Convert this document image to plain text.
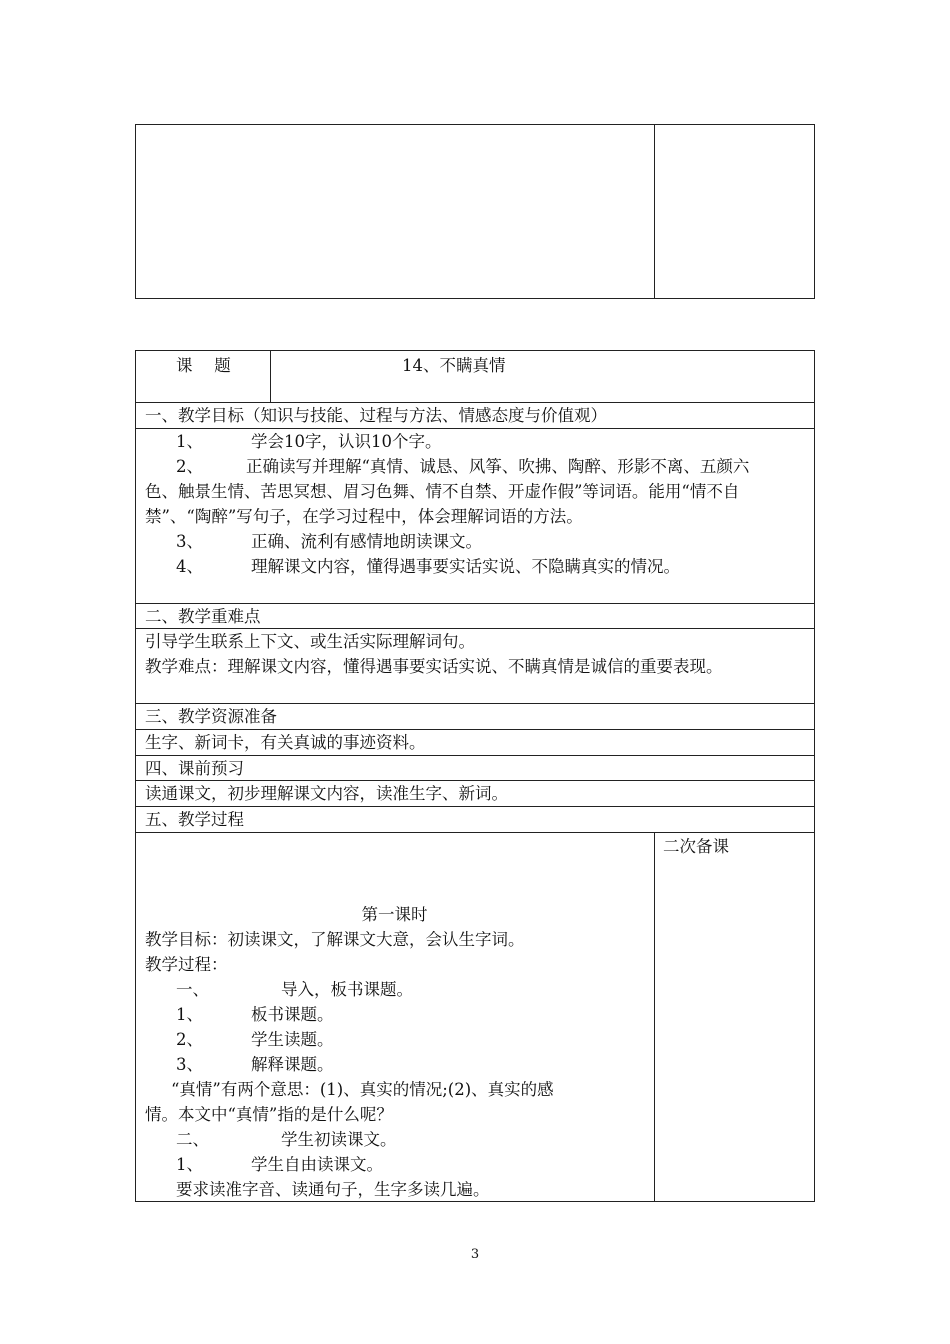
课　 题	14、不瞒真情
一、教学目标（知识与技能、过程与方法、情感态度与价值观）

1、	学会10字，认识10个字。

2、	正确读写并理解“真情、诚恳、风筝、吹拂、陶醉、形影不离、五颜六

色、触景生情、苦思冥想、眉习色舞、情不自禁、开虚作假”等词语。能用“情不自

禁”、“陶醉”写句子，在学习过程中，体会理解词语的方法。

3、	正确、流利有感情地朗读课文。

4、	理解课文内容，懂得遇事要实话实说、不隐瞒真实的情况。

二、教学重难点

引导学生联系上下文、或生活实际理解词句。

教学难点：理解课文内容，懂得遇事要实话实说、不瞒真情是诚信的重要表现。

三、教学资源准备
生字、新词卡，有关真诚的事迹资料。
四、课前预习
读通课文，初步理解课文内容，读准生字、新词。
五、教学过程
二次备课

第一课时

教学目标：初读课文，了解课文大意，会认生字词。

教学过程：

一、	导入，板书课题。

1、	板书课题。

2、	学生读题。

3、	解释课题。

“真情”有两个意思：(1)、真实的情况;(2)、真实的感

情。本文中“真情”指的是什么呢？

二、	学生初读课文。

1、	学生自由读课文。

要求读准字音、读通句子，生字多读几遍。

3
